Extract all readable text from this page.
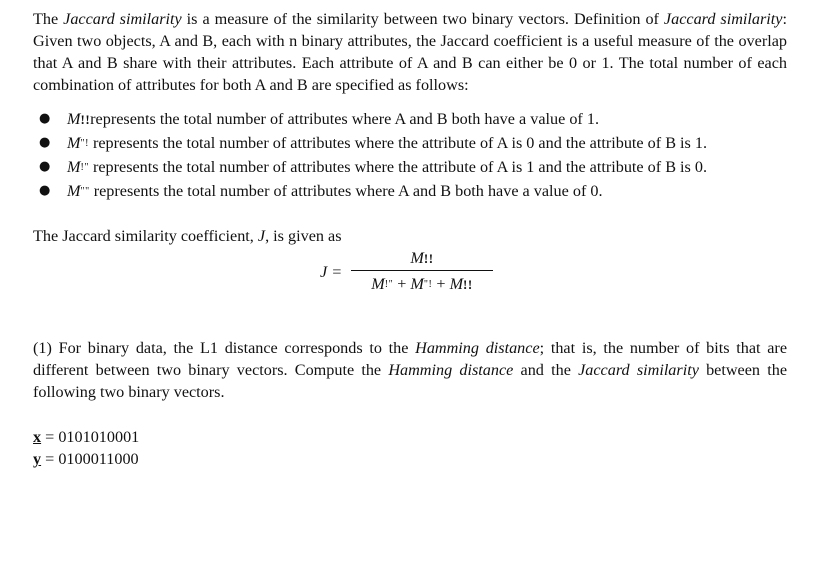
The Jaccard similarity is a measure of the similarity between two binary vectors. Definition of Jaccard similarity: Given two objects, A and B, each with n binary attributes, the Jaccard coefficient is a useful measure of the overlap that A and B share with their attributes. Each attribute of A and B can either be 0 or 1. The total number of each combination of attributes for both A and B are specified as follows:

● M!!represents the total number of attributes where A and B both have a value of 1.
● M"! represents the total number of attributes where the attribute of A is 0 and the attribute of B is 1.
● M!" represents the total number of attributes where the attribute of A is 1 and the attribute of B is 0.
● M"" represents the total number of attributes where A and B both have a value of 0.

The Jaccard similarity coefficient, J, is given as

J =
M!!
M!" + M"! + M!!

(1) For binary data, the L1 distance corresponds to the Hamming distance; that is, the number of bits that are different between two binary vectors. Compute the Hamming distance and the Jaccard similarity between the following two binary vectors.

x = 0101010001
y = 0100011000
